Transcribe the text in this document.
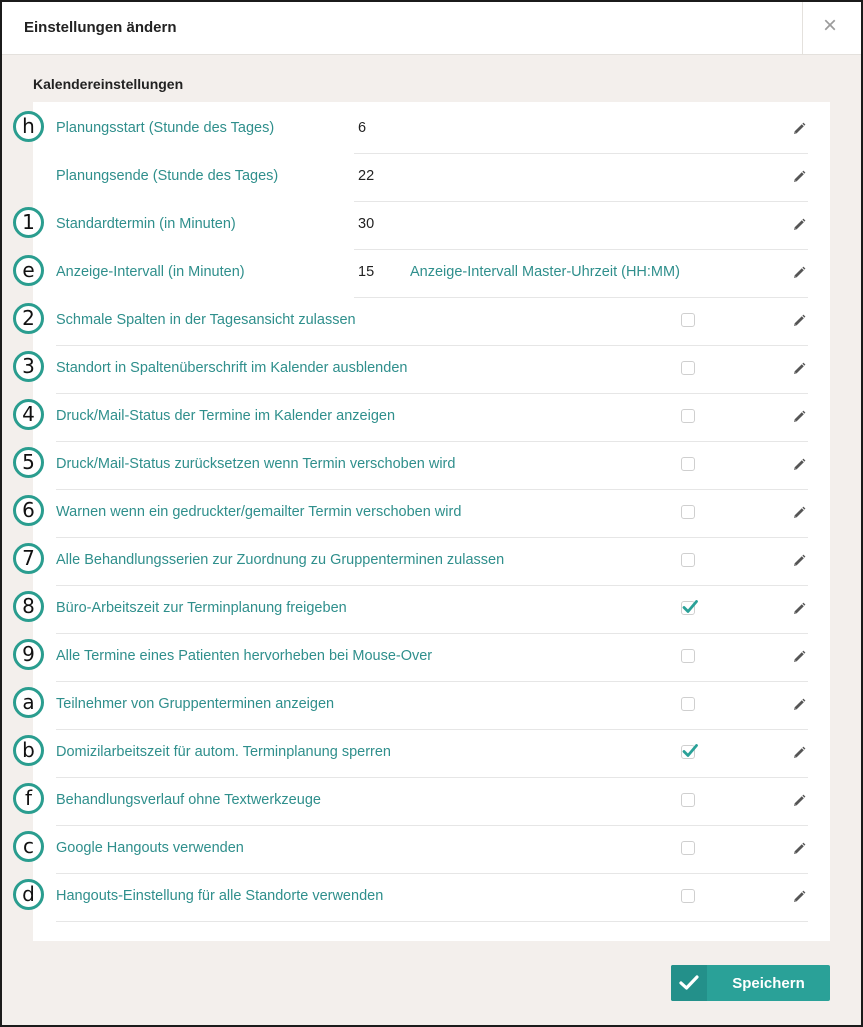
Einstellungen ändern	×
Kalendereinstellungen
Planungsstart (Stunde des Tages)	6
Planungsende (Stunde des Tages)	22
Standardtermin (in Minuten)	30
Anzeige-Intervall (in Minuten)	15 Anzeige-Intervall Master-Uhrzeit (HH:MM)
Schmale Spalten in der Tagesansicht zulassen
Standort in Spaltenüberschrift im Kalender ausblenden
Druck/Mail-Status der Termine im Kalender anzeigen
Druck/Mail-Status zurücksetzen wenn Termin verschoben wird
Warnen wenn ein gedruckter/gemailter Termin verschoben wird
Alle Behandlungsserien zur Zuordnung zu Gruppenterminen zulassen
Büro-Arbeitszeit zur Terminplanung freigeben
Alle Termine eines Patienten hervorheben bei Mouse-Over
Teilnehmer von Gruppenterminen anzeigen
Domizilarbeitszeit für autom. Terminplanung sperren
Behandlungsverlauf ohne Textwerkzeuge
Google Hangouts verwenden
Hangouts-Einstellung für alle Standorte verwenden
h
1
e
2
3
4
5
6
7
8
9
a
b
f
c
d
Speichern
